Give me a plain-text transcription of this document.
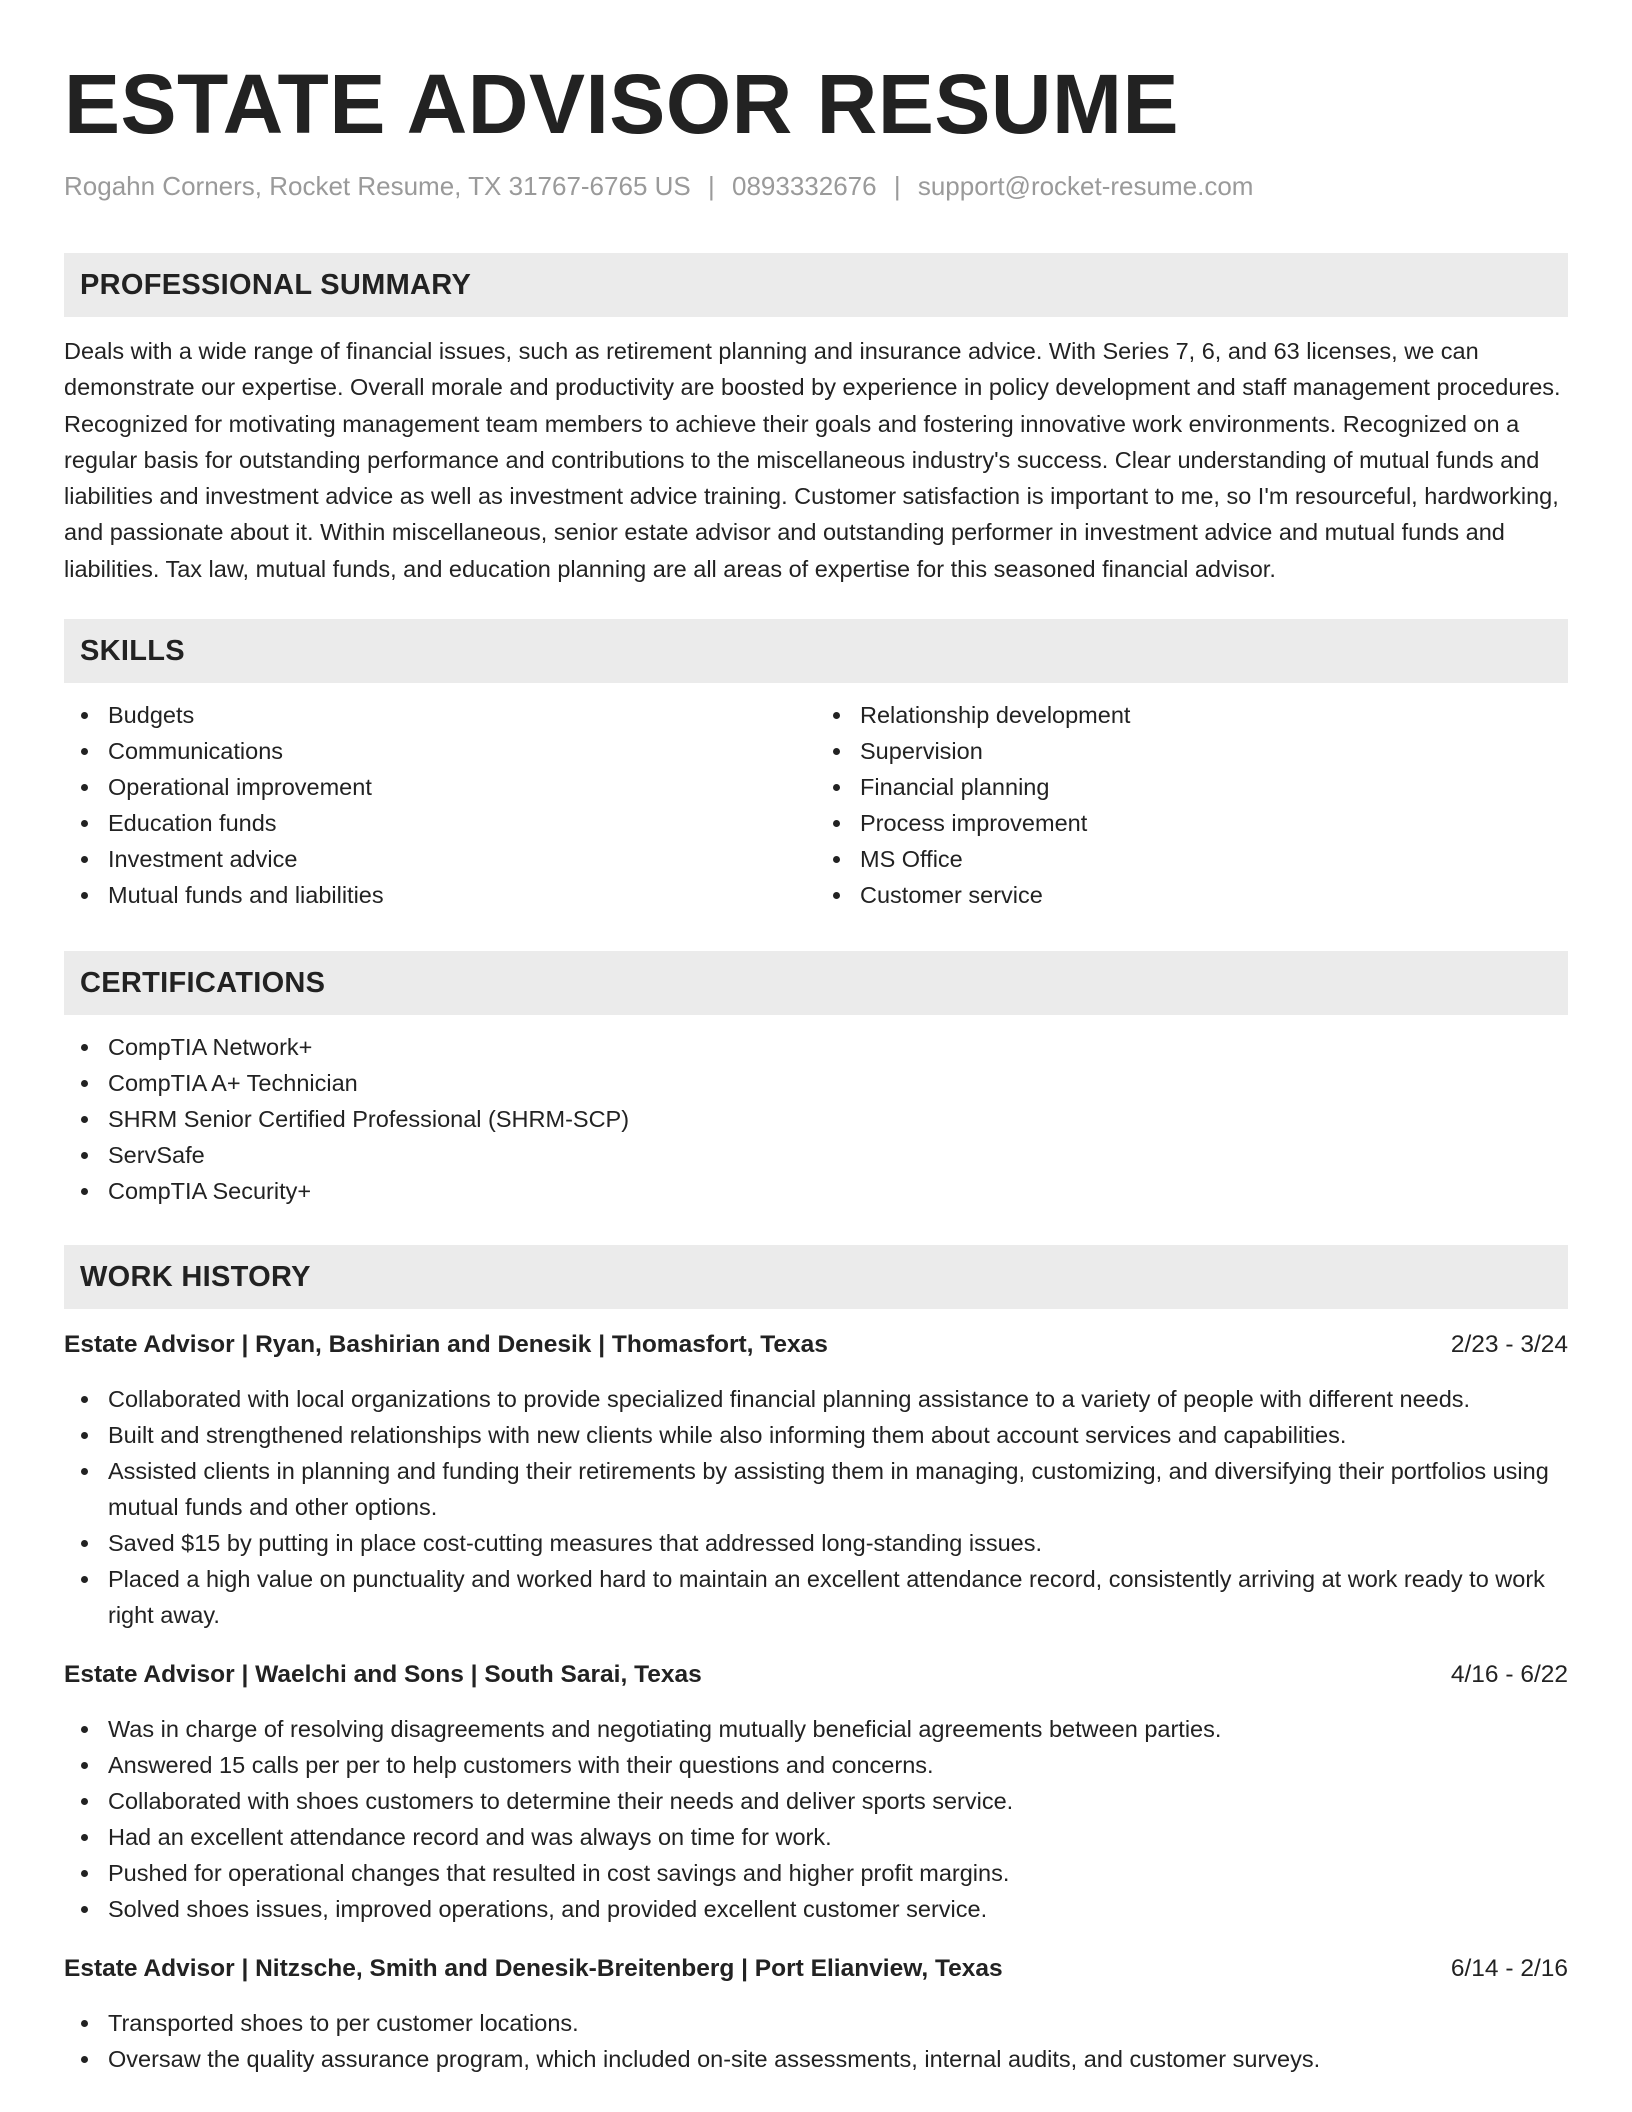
ESTATE ADVISOR RESUME
Rogahn Corners, Rocket Resume, TX 31767-6765 US | 0893332676 | support@rocket-resume.com
PROFESSIONAL SUMMARY

Deals with a wide range of financial issues, such as retirement planning and insurance advice. With Series 7, 6, and 63 licenses, we can demonstrate our expertise. Overall morale and productivity are boosted by experience in policy development and staff management procedures. Recognized for motivating management team members to achieve their goals and fostering innovative work environments. Recognized on a regular basis for outstanding performance and contributions to the miscellaneous industry's success. Clear understanding of mutual funds and liabilities and investment advice as well as investment advice training. Customer satisfaction is important to me, so I'm resourceful, hardworking, and passionate about it. Within miscellaneous, senior estate advisor and outstanding performer in investment advice and mutual funds and liabilities. Tax law, mutual funds, and education planning are all areas of expertise for this seasoned financial advisor.

SKILLS
Budgets
Communications
Operational improvement
Education funds
Investment advice
Mutual funds and liabilities
Relationship development
Supervision
Financial planning
Process improvement
MS Office
Customer service
CERTIFICATIONS
CompTIA Network+
CompTIA A+ Technician
SHRM Senior Certified Professional (SHRM-SCP)
ServSafe
CompTIA Security+
WORK HISTORY
Estate Advisor | Ryan, Bashirian and Denesik | Thomasfort, Texas	2/23 - 3/24
Collaborated with local organizations to provide specialized financial planning assistance to a variety of people with different needs.
Built and strengthened relationships with new clients while also informing them about account services and capabilities.
Assisted clients in planning and funding their retirements by assisting them in managing, customizing, and diversifying their portfolios using mutual funds and other options.
Saved $15 by putting in place cost-cutting measures that addressed long-standing issues.
Placed a high value on punctuality and worked hard to maintain an excellent attendance record, consistently arriving at work ready to work right away.
Estate Advisor | Waelchi and Sons | South Sarai, Texas	4/16 - 6/22
Was in charge of resolving disagreements and negotiating mutually beneficial agreements between parties.
Answered 15 calls per per to help customers with their questions and concerns.
Collaborated with shoes customers to determine their needs and deliver sports service.
Had an excellent attendance record and was always on time for work.
Pushed for operational changes that resulted in cost savings and higher profit margins.
Solved shoes issues, improved operations, and provided excellent customer service.
Estate Advisor | Nitzsche, Smith and Denesik-Breitenberg | Port Elianview, Texas	6/14 - 2/16
Transported shoes to per customer locations.
Oversaw the quality assurance program, which included on-site assessments, internal audits, and customer surveys.
